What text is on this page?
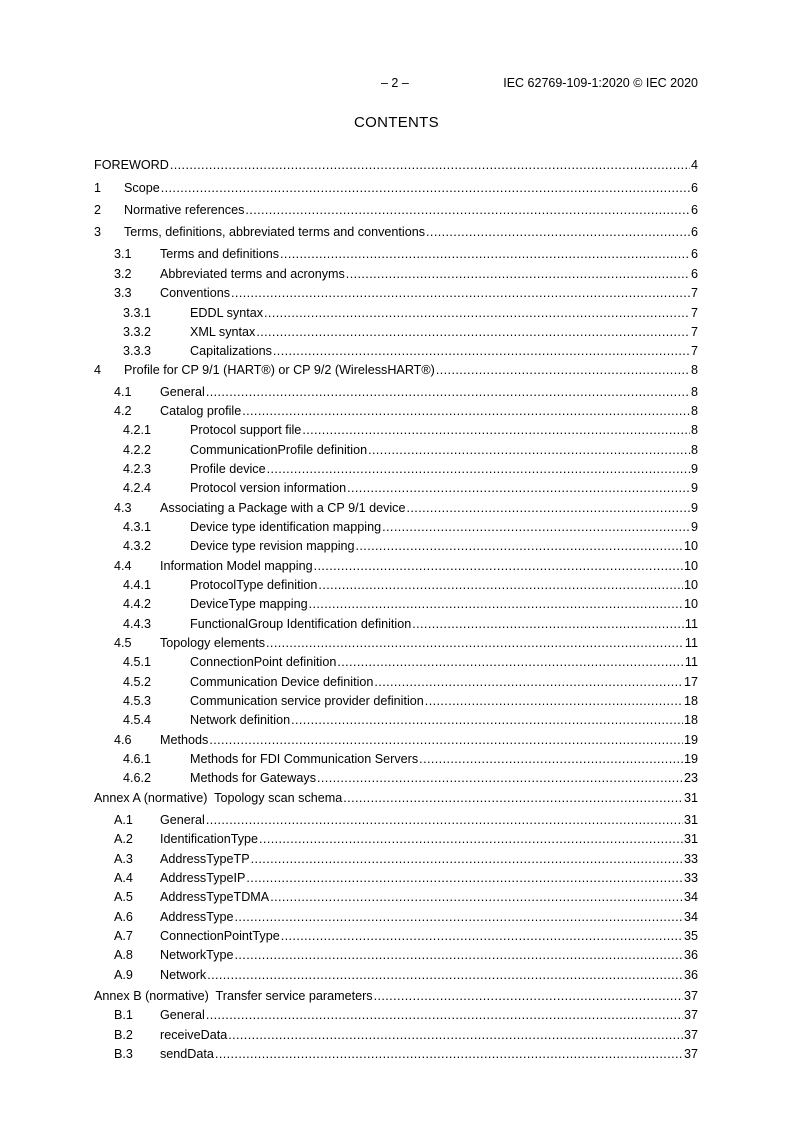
– 2 –	IEC 62769-109-1:2020 © IEC 2020
CONTENTS
FOREWORD .....	4
1 Scope .....	6
2 Normative references .....	6
3 Terms, definitions, abbreviated terms and conventions .....	6
3.1 Terms and definitions .....	6
3.2 Abbreviated terms and acronyms .....	6
3.3 Conventions .....	7
3.3.1	EDDL syntax .....	7
3.3.2	XML syntax .....	7
3.3.3	Capitalizations .....	7
4 Profile for CP 9/1 (HART®) or CP 9/2 (WirelessHART®) .....	8
4.1 General .....	8
4.2 Catalog profile .....	8
4.2.1	Protocol support file .....	8
4.2.2	CommunicationProfile definition .....	8
4.2.3	Profile device .....	9
4.2.4	Protocol version information .....	9
4.3 Associating a Package with a CP 9/1 device .....	9
4.3.1	Device type identification mapping .....	9
4.3.2	Device type revision mapping .....	10
4.4 Information Model mapping .....	10
4.4.1	ProtocolType definition .....	10
4.4.2	DeviceType mapping .....	10
4.4.3	FunctionalGroup Identification definition .....	11
4.5 Topology elements .....	11
4.5.1	ConnectionPoint definition .....	11
4.5.2	Communication Device definition .....	17
4.5.3	Communication service provider definition .....	18
4.5.4	Network definition .....	18
4.6 Methods .....	19
4.6.1	Methods for FDI Communication Servers .....	19
4.6.2	Methods for Gateways .....	23
Annex A (normative)  Topology scan schema .....	31
A.1 General .....	31
A.2 IdentificationType .....	31
A.3 AddressTypeTP .....	33
A.4 AddressTypeIP .....	33
A.5 AddressTypeTDMA .....	34
A.6 AddressType .....	34
A.7 ConnectionPointType .....	35
A.8 NetworkType .....	36
A.9 Network .....	36
Annex B (normative)  Transfer service parameters .....	37
B.1 General .....	37
B.2 receiveData .....	37
B.3 sendData .....	37
